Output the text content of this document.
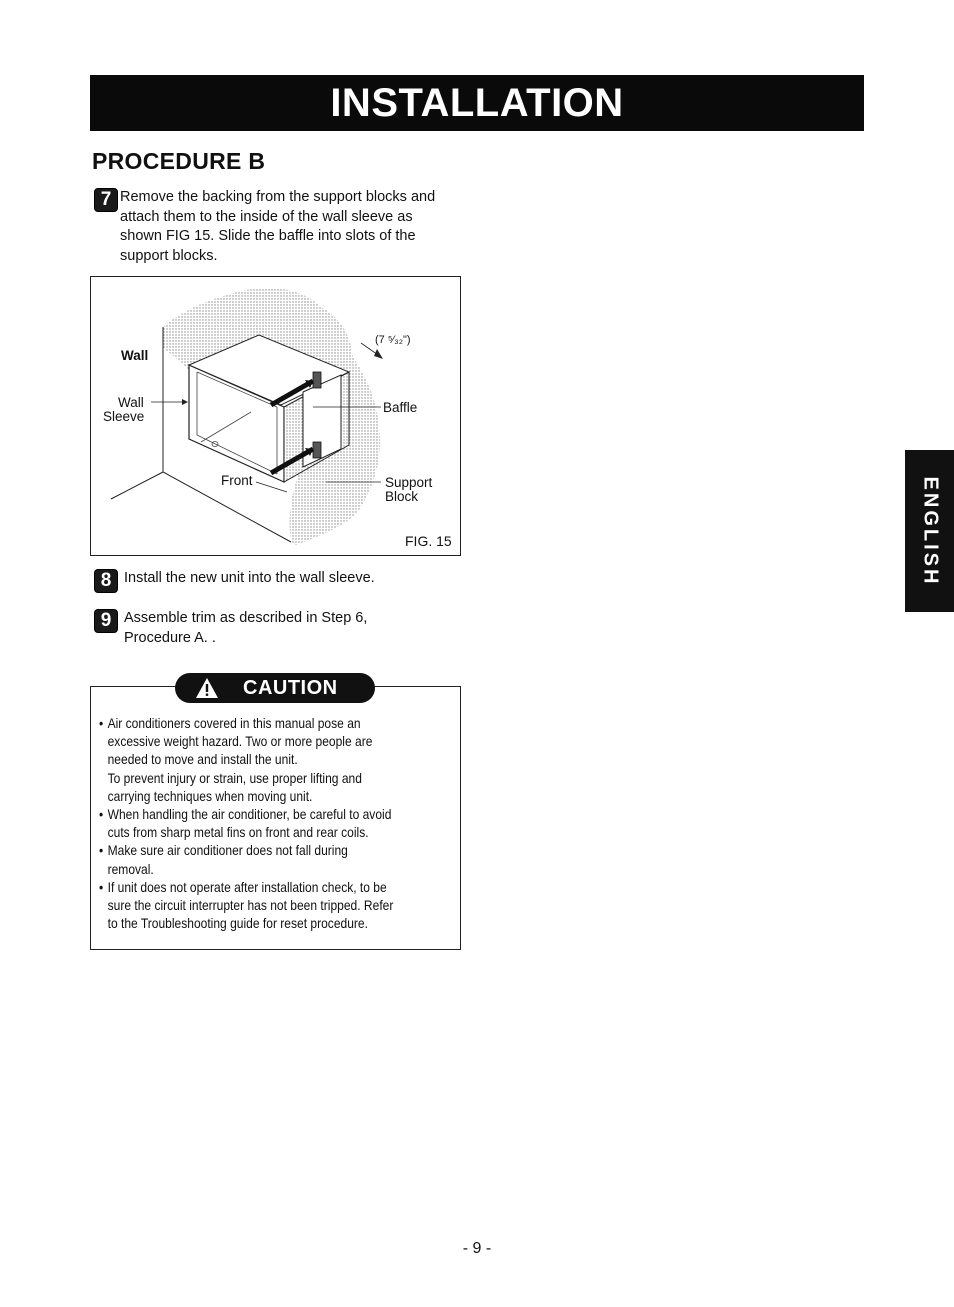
INSTALLATION
PROCEDURE B
7 Remove the backing from the support blocks and attach them to the inside of the wall sleeve as shown FIG 15. Slide the baffle into slots of the support blocks.
Wall
Wall
Sleeve
Front
Baffle
Support
Block
(7 ⁵⁄₃₂")
FIG. 15
8 Install the new unit into the wall sleeve.
9 Assemble trim as described in Step 6, Procedure A. .
CAUTION
• Air conditioners covered in this manual pose an
excessive weight hazard. Two or more people are
needed to move and install the unit.
To prevent injury or strain, use proper lifting and
carrying techniques when moving unit.
• When handling the air conditioner, be careful to avoid
cuts from sharp metal fins on front and rear coils.
• Make sure air conditioner does not fall during
removal.
• If unit does not operate after installation check, to be
sure the circuit interrupter has not been tripped. Refer
to the Troubleshooting guide for reset procedure.
ENGLISH
- 9 -
